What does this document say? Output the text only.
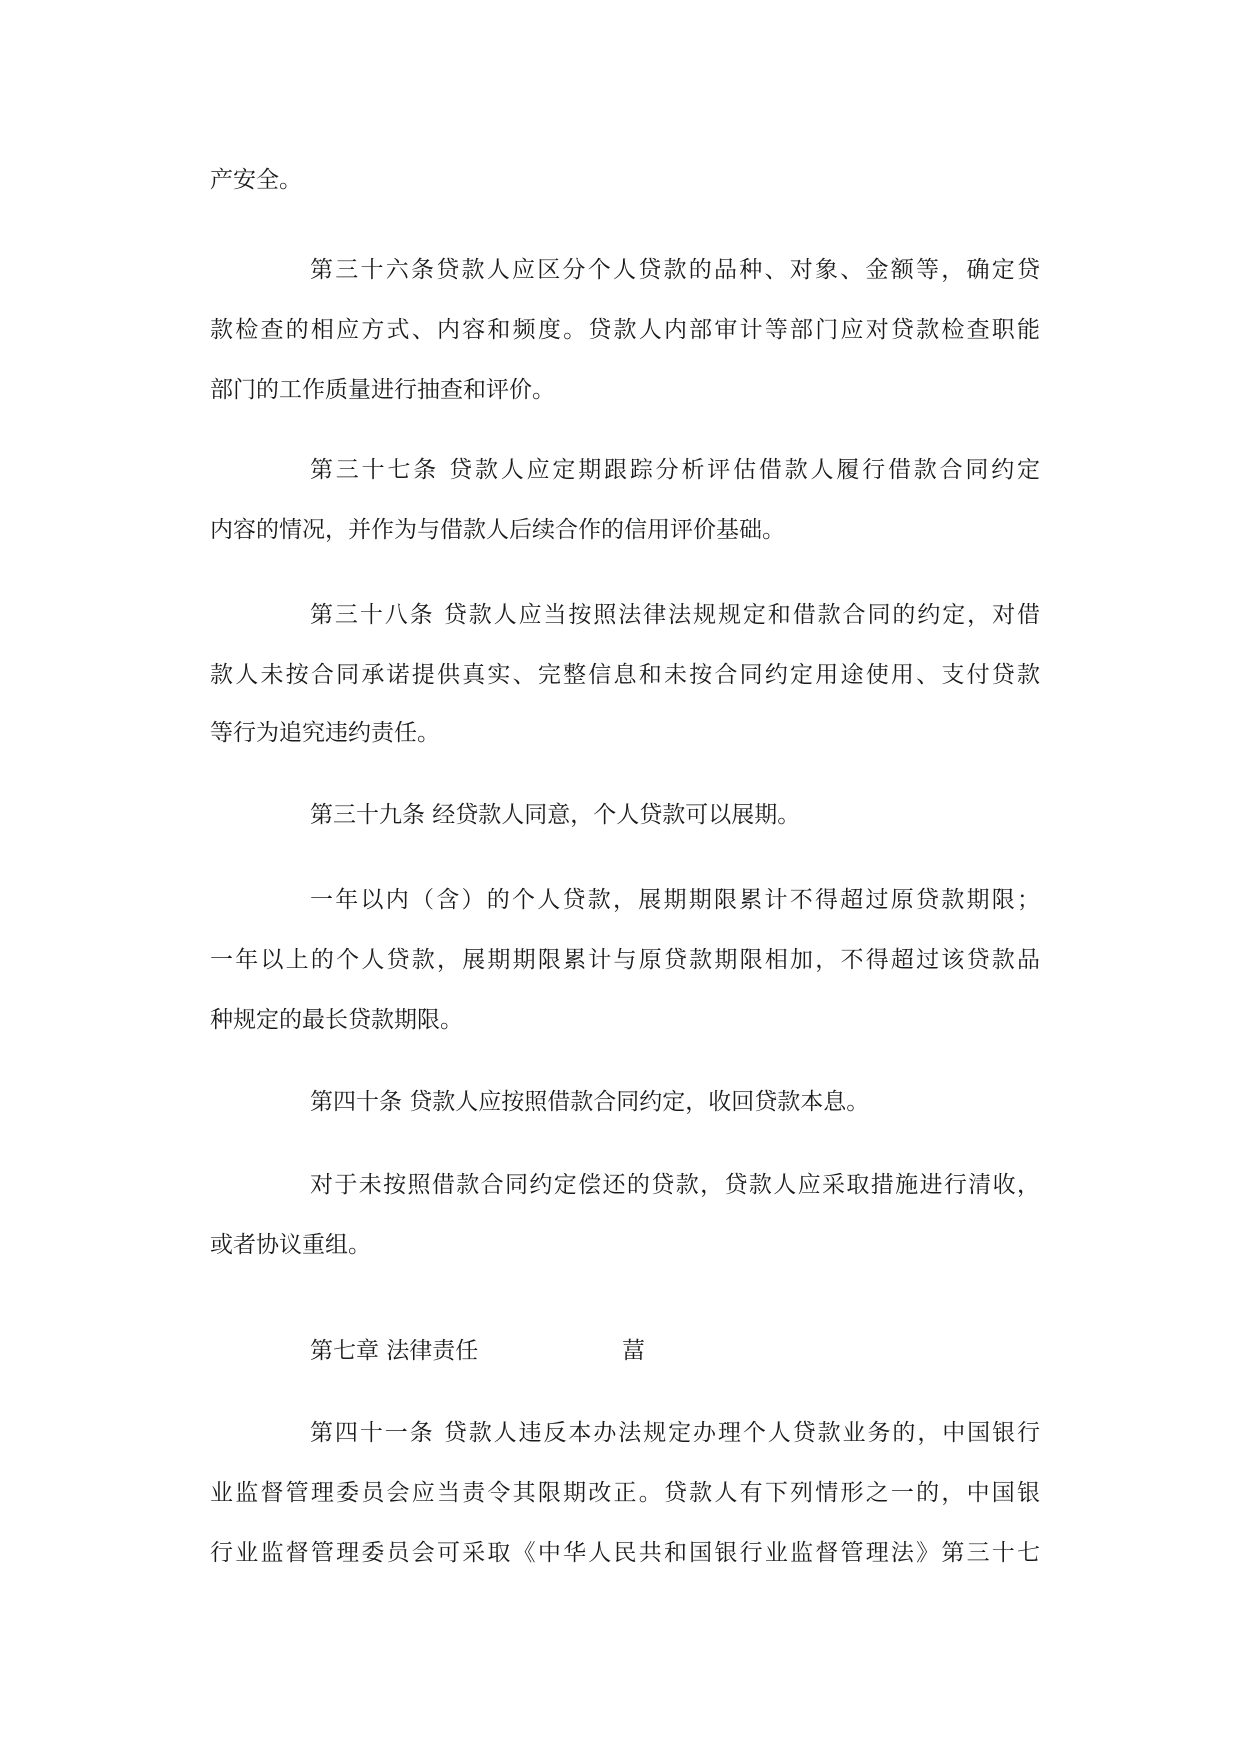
产安全。
第三十六条贷款人应区分个人贷款的品种、对象、金额等，确定贷
款检查的相应方式、内容和频度。贷款人内部审计等部门应对贷款检查职能
部门的工作质量进行抽查和评价。
第三十七条 贷款人应定期跟踪分析评估借款人履行借款合同约定
内容的情况，并作为与借款人后续合作的信用评价基础。
第三十八条 贷款人应当按照法律法规规定和借款合同的约定，对借
款人未按合同承诺提供真实、完整信息和未按合同约定用途使用、支付贷款
等行为追究违约责任。
第三十九条 经贷款人同意，个人贷款可以展期。
一年以内（含）的个人贷款，展期期限累计不得超过原贷款期限；
一年以上的个人贷款，展期期限累计与原贷款期限相加，不得超过该贷款品
种规定的最长贷款期限。
第四十条 贷款人应按照借款合同约定，收回贷款本息。
对于未按照借款合同约定偿还的贷款，贷款人应采取措施进行清收，
或者协议重组。
第七章 法律责任	葍
第四十一条 贷款人违反本办法规定办理个人贷款业务的，中国银行
业监督管理委员会应当责令其限期改正。贷款人有下列情形之一的，中国银
行业监督管理委员会可采取《中华人民共和国银行业监督管理法》第三十七
